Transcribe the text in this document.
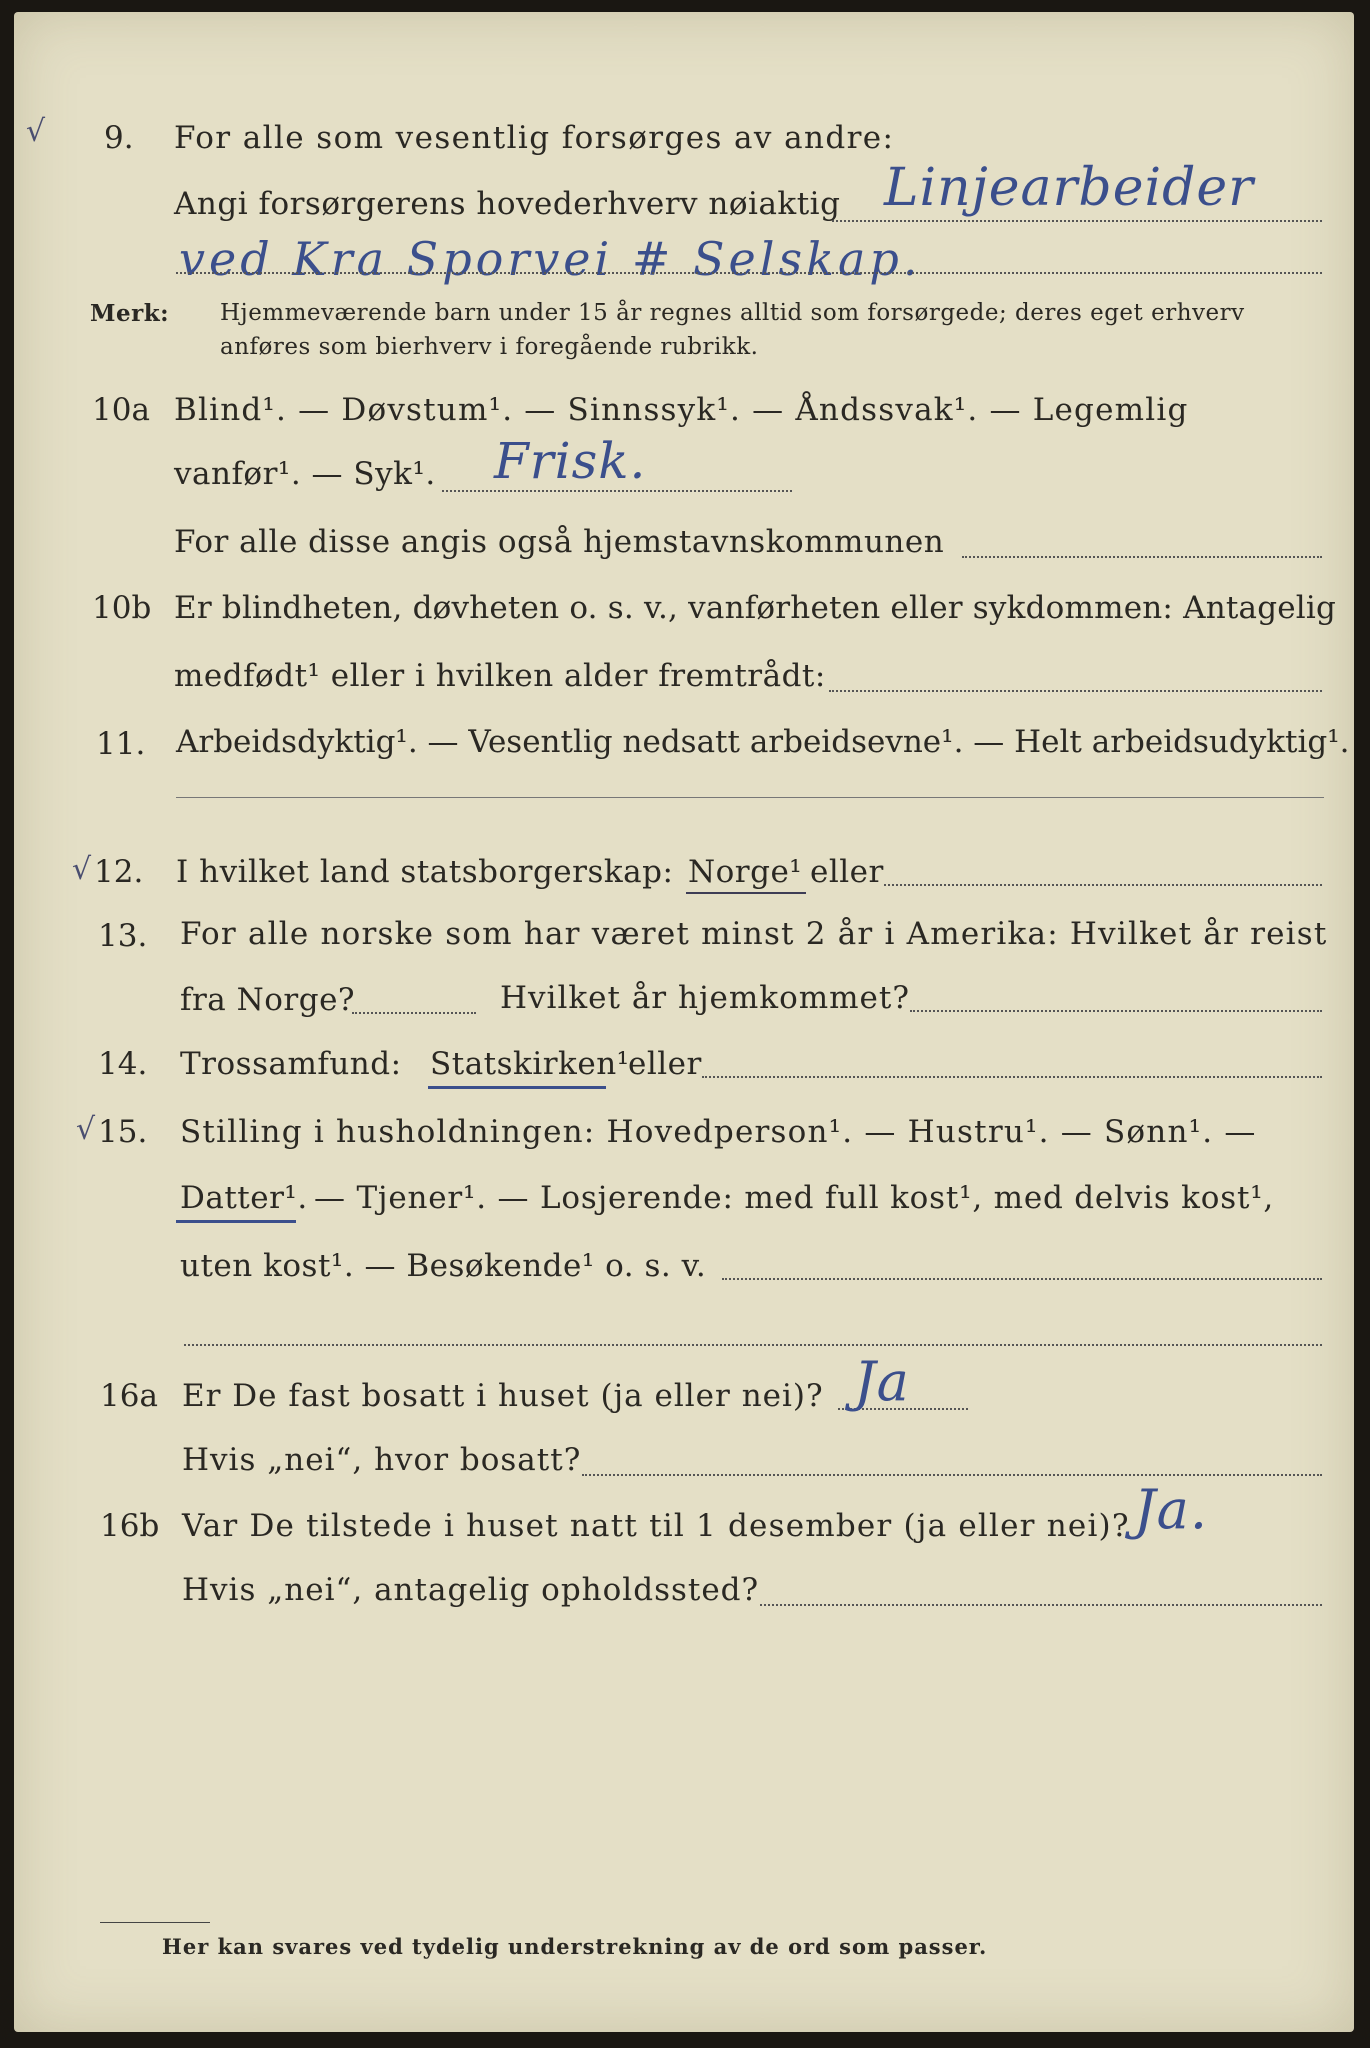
√ 9. For alle som vesentlig forsørges av andre:
Angi forsørgerens hovederhverv nøiaktig Linjearbeider
ved Kra Sporvei # Selskap.
Merk: Hjemmeværende barn under 15 år regnes alltid som forsørgede; deres eget erhverv
anføres som bierhverv i foregående rubrikk.
10a Blind¹. — Døvstum¹. — Sinnssyk¹. — Åndssvak¹. — Legemlig
vanfør¹. — Syk¹. Frisk.
For alle disse angis også hjemstavnskommunen
10b Er blindheten, døvheten o. s. v., vanførheten eller sykdommen: Antagelig
medfødt¹ eller i hvilken alder fremtrådt:
11. Arbeidsdyktig¹. — Vesentlig nedsatt arbeidsevne¹. — Helt arbeidsudyktig¹.
√ 12. I hvilket land statsborgerskap: Norge¹ eller
13. For alle norske som har været minst 2 år i Amerika: Hvilket år reist
fra Norge?	Hvilket år hjemkommet?
14. Trossamfund: Statskirken¹
eller
√ 15. Stilling i husholdningen: Hovedperson¹. — Hustru¹. — Sønn¹. —
Datter¹. — Tjener¹. — Losjerende: med full kost¹, med delvis kost¹,
uten kost¹. — Besøkende¹ o. s. v.
16a Er De fast bosatt i huset (ja eller nei)? Ja
Hvis „nei“, hvor bosatt?
16b Var De tilstede i huset natt til 1 desember (ja eller nei)? Ja.
Hvis „nei“, antagelig opholdssted?
Her kan svares ved tydelig understrekning av de ord som passer.
